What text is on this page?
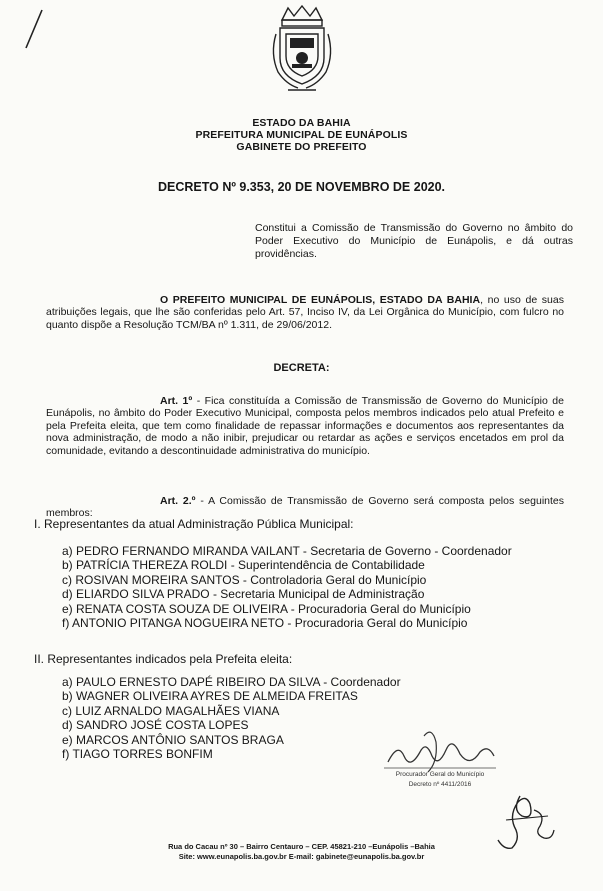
ESTADO DA BAHIA
PREFEITURA MUNICIPAL DE EUNÁPOLIS
GABINETE DO PREFEITO
DECRETO Nº 9.353, 20 DE NOVEMBRO DE 2020.
Constitui a Comissão de Transmissão do Governo no âmbito do Poder Executivo do Município de Eunápolis, e dá outras providências.
O PREFEITO MUNICIPAL DE EUNÁPOLIS, ESTADO DA BAHIA, no uso de suas atribuições legais, que lhe são conferidas pelo Art. 57, Inciso IV, da Lei Orgânica do Município, com fulcro no quanto dispõe a Resolução TCM/BA nº 1.311, de 29/06/2012.
DECRETA:
Art. 1º - Fica constituída a Comissão de Transmissão de Governo do Município de Eunápolis, no âmbito do Poder Executivo Municipal, composta pelos membros indicados pelo atual Prefeito e pela Prefeita eleita, que tem como finalidade de repassar informações e documentos aos representantes da nova administração, de modo a não inibir, prejudicar ou retardar as ações e serviços encetados em prol da comunidade, evitando a descontinuidade administrativa do município.
Art. 2.º - A Comissão de Transmissão de Governo será composta pelos seguintes membros:
I. Representantes da atual Administração Pública Municipal:
a) PEDRO FERNANDO MIRANDA VAILANT - Secretaria de Governo - Coordenador
b) PATRÍCIA THEREZA ROLDI - Superintendência de Contabilidade
c) ROSIVAN MOREIRA SANTOS - Controladoria Geral do Município
d) ELIARDO SILVA PRADO - Secretaria Municipal de Administração
e) RENATA COSTA SOUZA DE OLIVEIRA - Procuradoria Geral do Município
f) ANTONIO PITANGA NOGUEIRA NETO - Procuradoria Geral do Município
II. Representantes indicados pela Prefeita eleita:
a) PAULO ERNESTO DAPÉ RIBEIRO DA SILVA - Coordenador
b) WAGNER OLIVEIRA AYRES DE ALMEIDA FREITAS
c) LUIZ ARNALDO MAGALHÃES VIANA
d) SANDRO JOSÉ COSTA LOPES
e) MARCOS ANTÔNIO SANTOS BRAGA
f) TIAGO TORRES BONFIM
Procurador Geral do Município
Decreto nº 4411/2016
Rua do Cacau nº 30 – Bairro Centauro – CEP. 45821-210 –Eunápolis –Bahia
Site: www.eunapolis.ba.gov.br E-mail: gabinete@eunapolis.ba.gov.br
